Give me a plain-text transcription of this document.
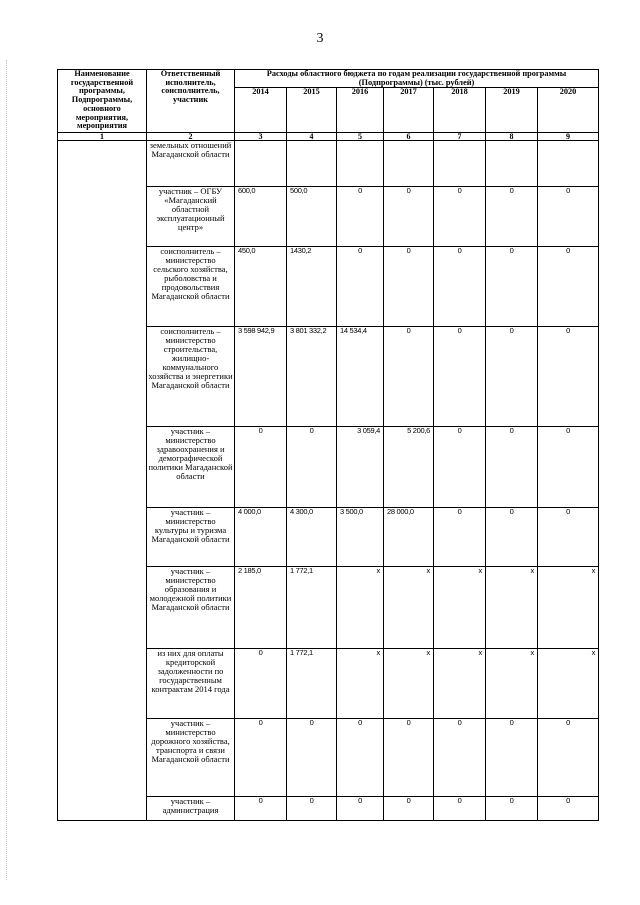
3
Наименование государственной программы, Подпрограммы, основного мероприятия, мероприятия	Ответственный исполнитель, соисполнитель, участник	Расходы областного бюджета по годам реализации государственной программы (Подпрограммы) (тыс. рублей)						
		2014	2015	2016	2017	2018	2019	2020
1	2	3	4	5	6	7	8	9
	земельных отношений Магаданской области							
	участник – ОГБУ «Магаданский областной эксплуатационный центр»	600,0	500,0	0	0	0	0	0
	соисполнитель – министерство сельского хозяйства, рыболовства и продовольствия Магаданской области	450,0	1430,2	0	0	0	0	0
	соисполнитель – министерство строительства, жилищно-коммунального хозяйства и энергетики Магаданской области	3 598 942,9	3 801 332,2	14 534,4	0	0	0	0
	участник – министерство здравоохранения и демографической политики Магаданской области	0	0	3 059,4	5 200,6	0	0	0
	участник – министерство культуры и туризма Магаданской области	4 000,0	4 300,0	3 500,0	28 000,0	0	0	0
	участник – министерство образования и молодежной политики Магаданской области	2 185,0	1 772,1	х	х	х	х	х
	из них для оплаты кредиторской задолженности по государственным контрактам 2014 года	0	1 772,1	х	х	х	х	х
	участник – министерство дорожного хозяйства, транспорта и связи Магаданской области	0	0	0	0	0	0	0
	участник – администрация	0	0	0	0	0	0	0
